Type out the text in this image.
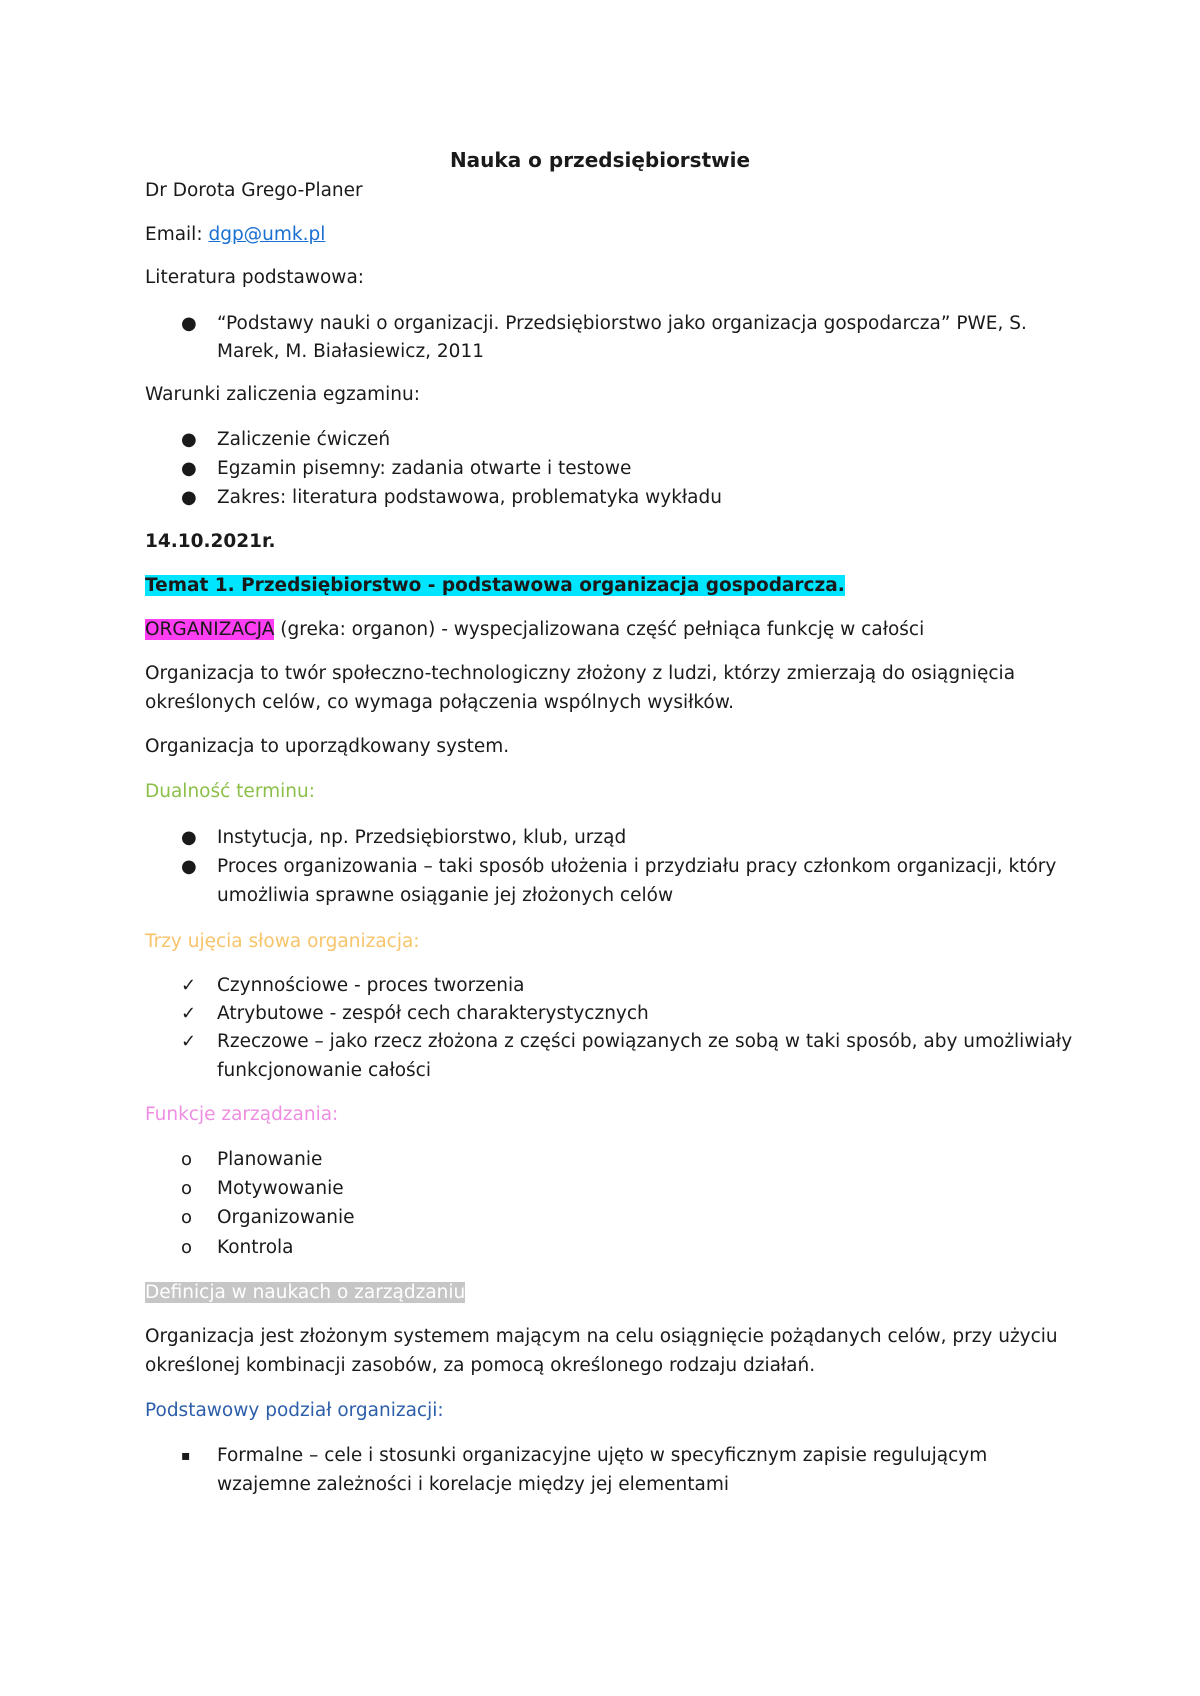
Nauka o przedsiębiorstwie
Dr Dorota Grego-Planer
Email: dgp@umk.pl
Literatura podstawowa:
● “Podstawy nauki o organizacji. Przedsiębiorstwo jako organizacja gospodarcza” PWE, S.
Marek, M. Białasiewicz, 2011
Warunki zaliczenia egzaminu:
● Zaliczenie ćwiczeń
● Egzamin pisemny: zadania otwarte i testowe
● Zakres: literatura podstawowa, problematyka wykładu
14.10.2021r.
Temat 1. Przedsiębiorstwo - podstawowa organizacja gospodarcza.
ORGANIZACJA (greka: organon) - wyspecjalizowana część pełniąca funkcję w całości
Organizacja to twór społeczno-technologiczny złożony z ludzi, którzy zmierzają do osiągnięcia
określonych celów, co wymaga połączenia wspólnych wysiłków.
Organizacja to uporządkowany system.
Dualność terminu:
● Instytucja, np. Przedsiębiorstwo, klub, urząd
● Proces organizowania – taki sposób ułożenia i przydziału pracy członkom organizacji, który
umożliwia sprawne osiąganie jej złożonych celów
Trzy ujęcia słowa organizacja:
✓ Czynnościowe - proces tworzenia
✓ Atrybutowe - zespół cech charakterystycznych
✓ Rzeczowe – jako rzecz złożona z części powiązanych ze sobą w taki sposób, aby umożliwiały
funkcjonowanie całości
Funkcje zarządzania:
o Planowanie
o Motywowanie
o Organizowanie
o Kontrola
Definicja w naukach o zarządzaniu
Organizacja jest złożonym systemem mającym na celu osiągnięcie pożądanych celów, przy użyciu
określonej kombinacji zasobów, za pomocą określonego rodzaju działań.
Podstawowy podział organizacji:
▪ Formalne – cele i stosunki organizacyjne ujęto w specyficznym zapisie regulującym
wzajemne zależności i korelacje między jej elementami
